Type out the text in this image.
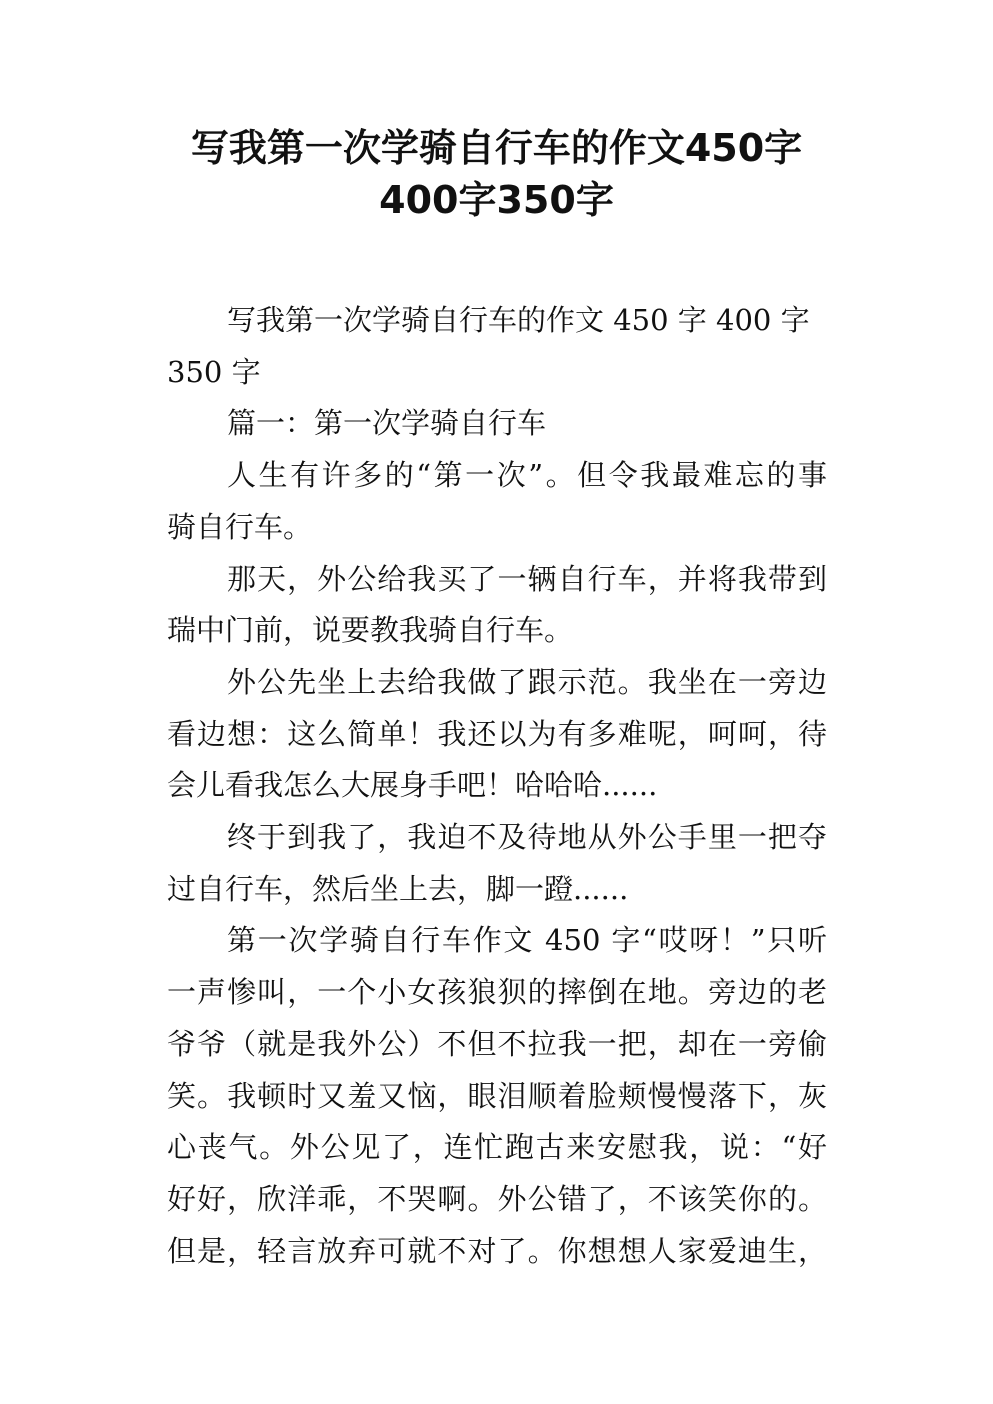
写我第一次学骑自行车的作文450字
400字350字
写我第一次学骑自行车的作文 450 字 400 字
350 字
篇一：第一次学骑自行车
人生有许多的“第一次”。但令我最难忘的事
骑自行车。
那天，外公给我买了一辆自行车，并将我带到
瑞中门前，说要教我骑自行车。
外公先坐上去给我做了跟示范。我坐在一旁边
看边想：这么简单！我还以为有多难呢，呵呵，待
会儿看我怎么大展身手吧！哈哈哈......
终于到我了，我迫不及待地从外公手里一把夺
过自行车，然后坐上去，脚一蹬......
第一次学骑自行车作文 450 字“哎呀！”只听
一声惨叫，一个小女孩狼狈的摔倒在地。旁边的老
爷爷（就是我外公）不但不拉我一把，却在一旁偷
笑。我顿时又羞又恼，眼泪顺着脸颊慢慢落下，灰
心丧气。外公见了，连忙跑古来安慰我，说：“好
好好，欣洋乖，不哭啊。外公错了，不该笑你的。
但是，轻言放弃可就不对了。你想想人家爱迪生，
